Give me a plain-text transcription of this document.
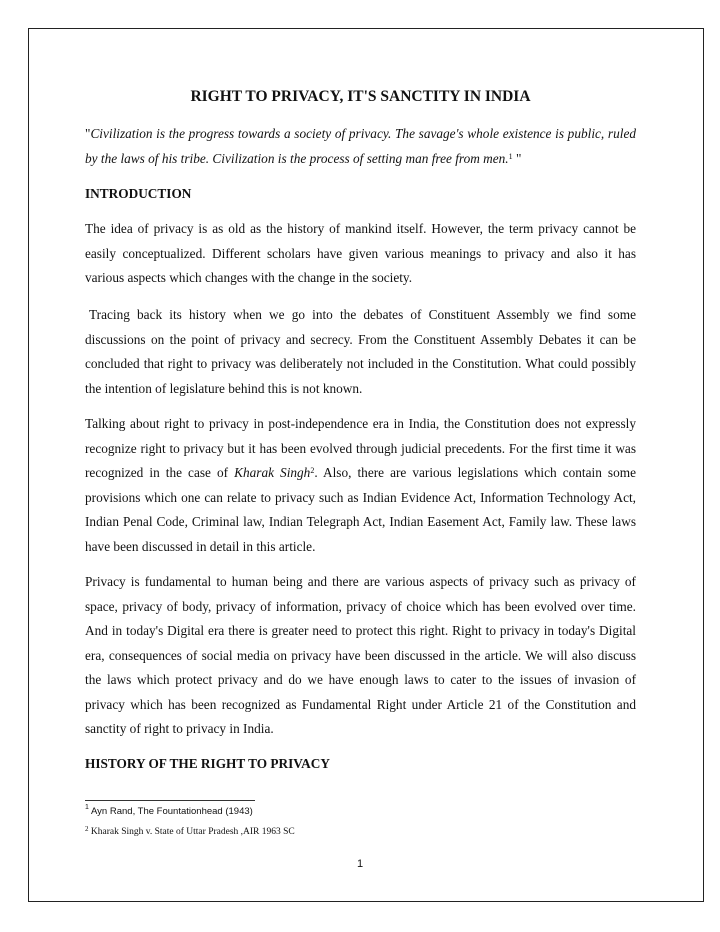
RIGHT TO PRIVACY, IT'S SANCTITY IN INDIA

"Civilization is the progress towards a society of privacy. The savage's whole existence is public, ruled by the laws of his tribe. Civilization is the process of setting man free from men.$^1$ "

INTRODUCTION

The idea of privacy is as old as the history of mankind itself. However, the term privacy cannot be easily conceptualized. Different scholars have given various meanings to privacy and also it has various aspects which changes with the change in the society.

Tracing back its history when we go into the debates of Constituent Assembly we find some discussions on the point of privacy and secrecy. From the Constituent Assembly Debates it can be concluded that right to privacy was deliberately not included in the Constitution. What could possibly the intention of legislature behind this is not known.

Talking about right to privacy in post-independence era in India, the Constitution does not expressly recognize right to privacy but it has been evolved through judicial precedents. For the first time it was recognized in the case of Kharak Singh$^2$. Also, there are various legislations which contain some provisions which one can relate to privacy such as Indian Evidence Act, Information Technology Act, Indian Penal Code, Criminal law, Indian Telegraph Act, Indian Easement Act, Family law. These laws have been discussed in detail in this article.

Privacy is fundamental to human being and there are various aspects of privacy such as privacy of space, privacy of body, privacy of information, privacy of choice which has been evolved over time. And in today's Digital era there is greater need to protect this right. Right to privacy in today's Digital era, consequences of social media on privacy have been discussed in the article. We will also discuss the laws which protect privacy and do we have enough laws to cater to the issues of invasion of privacy which has been recognized as Fundamental Right under Article 21 of the Constitution and sanctity of right to privacy in India.

HISTORY OF THE RIGHT TO PRIVACY
$^1$ Ayn Rand, The Fountationhead (1943)
$^2$ Kharak Singh v. State of Uttar Pradesh ,AIR 1963 SC
1
